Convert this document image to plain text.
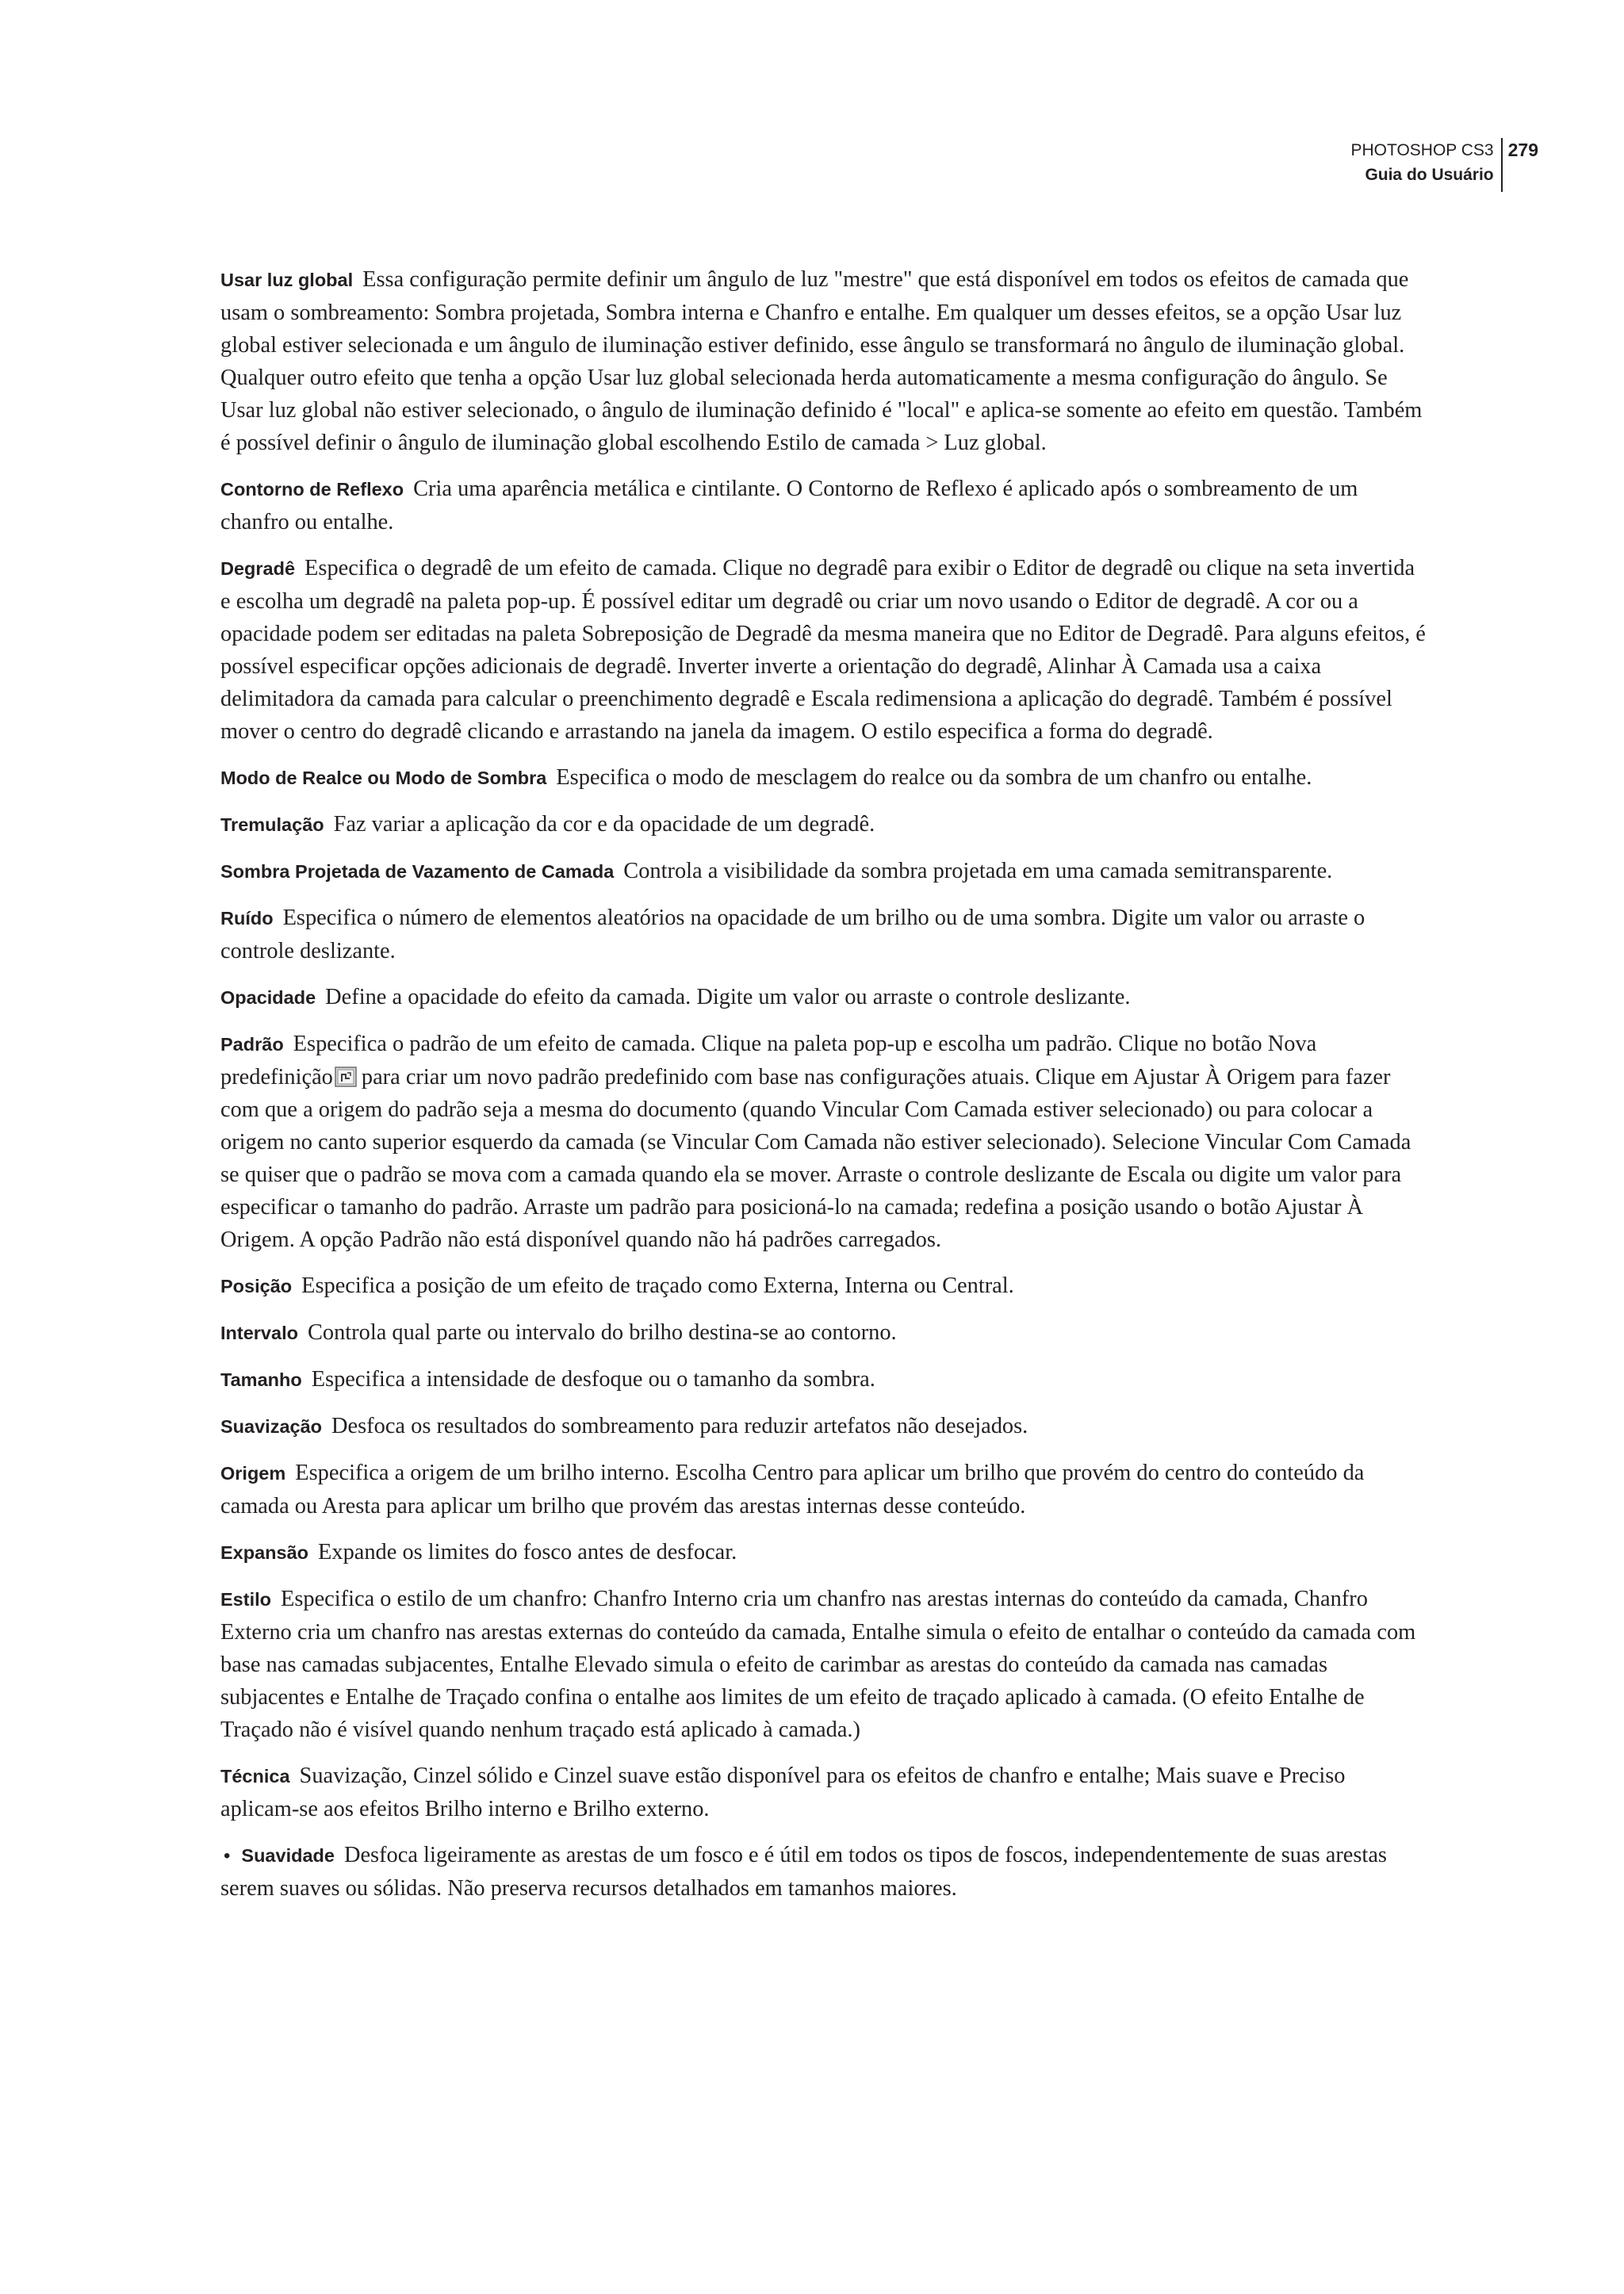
PHOTOSHOP CS3
Guia do Usuário
279

Usar luz global Essa configuração permite definir um ângulo de luz "mestre" que está disponível em todos os efeitos de camada que usam o sombreamento: Sombra projetada, Sombra interna e Chanfro e entalhe. Em qualquer um desses efeitos, se a opção Usar luz global estiver selecionada e um ângulo de iluminação estiver definido, esse ângulo se transformará no ângulo de iluminação global. Qualquer outro efeito que tenha a opção Usar luz global selecionada herda automaticamente a mesma configuração do ângulo. Se Usar luz global não estiver selecionado, o ângulo de iluminação definido é "local" e aplica-se somente ao efeito em questão. Também é possível definir o ângulo de iluminação global escolhendo Estilo de camada > Luz global.

Contorno de Reflexo Cria uma aparência metálica e cintilante. O Contorno de Reflexo é aplicado após o sombreamento de um chanfro ou entalhe.

Degradê Especifica o degradê de um efeito de camada. Clique no degradê para exibir o Editor de degradê ou clique na seta invertida e escolha um degradê na paleta pop-up. É possível editar um degradê ou criar um novo usando o Editor de degradê. A cor ou a opacidade podem ser editadas na paleta Sobreposição de Degradê da mesma maneira que no Editor de Degradê. Para alguns efeitos, é possível especificar opções adicionais de degradê. Inverter inverte a orientação do degradê, Alinhar À Camada usa a caixa delimitadora da camada para calcular o preenchimento degradê e Escala redimensiona a aplicação do degradê. Também é possível mover o centro do degradê clicando e arrastando na janela da imagem. O estilo especifica a forma do degradê.

Modo de Realce ou Modo de Sombra Especifica o modo de mesclagem do realce ou da sombra de um chanfro ou entalhe.

Tremulação Faz variar a aplicação da cor e da opacidade de um degradê.

Sombra Projetada de Vazamento de Camada Controla a visibilidade da sombra projetada em uma camada semitransparente.

Ruído Especifica o número de elementos aleatórios na opacidade de um brilho ou de uma sombra. Digite um valor ou arraste o controle deslizante.

Opacidade Define a opacidade do efeito da camada. Digite um valor ou arraste o controle deslizante.

Padrão Especifica o padrão de um efeito de camada. Clique na paleta pop-up e escolha um padrão. Clique no botão Nova predefinição para criar um novo padrão predefinido com base nas configurações atuais. Clique em Ajustar À Origem para fazer com que a origem do padrão seja a mesma do documento (quando Vincular Com Camada estiver selecionado) ou para colocar a origem no canto superior esquerdo da camada (se Vincular Com Camada não estiver selecionado). Selecione Vincular Com Camada se quiser que o padrão se mova com a camada quando ela se mover. Arraste o controle deslizante de Escala ou digite um valor para especificar o tamanho do padrão. Arraste um padrão para posicioná-lo na camada; redefina a posição usando o botão Ajustar À Origem. A opção Padrão não está disponível quando não há padrões carregados.

Posição Especifica a posição de um efeito de traçado como Externa, Interna ou Central.

Intervalo Controla qual parte ou intervalo do brilho destina-se ao contorno.

Tamanho Especifica a intensidade de desfoque ou o tamanho da sombra.

Suavização Desfoca os resultados do sombreamento para reduzir artefatos não desejados.

Origem Especifica a origem de um brilho interno. Escolha Centro para aplicar um brilho que provém do centro do conteúdo da camada ou Aresta para aplicar um brilho que provém das arestas internas desse conteúdo.

Expansão Expande os limites do fosco antes de desfocar.

Estilo Especifica o estilo de um chanfro: Chanfro Interno cria um chanfro nas arestas internas do conteúdo da camada, Chanfro Externo cria um chanfro nas arestas externas do conteúdo da camada, Entalhe simula o efeito de entalhar o conteúdo da camada com base nas camadas subjacentes, Entalhe Elevado simula o efeito de carimbar as arestas do conteúdo da camada nas camadas subjacentes e Entalhe de Traçado confina o entalhe aos limites de um efeito de traçado aplicado à camada. (O efeito Entalhe de Traçado não é visível quando nenhum traçado está aplicado à camada.)

Técnica Suavização, Cinzel sólido e Cinzel suave estão disponível para os efeitos de chanfro e entalhe; Mais suave e Preciso aplicam-se aos efeitos Brilho interno e Brilho externo.

• Suavidade Desfoca ligeiramente as arestas de um fosco e é útil em todos os tipos de foscos, independentemente de suas arestas serem suaves ou sólidas. Não preserva recursos detalhados em tamanhos maiores.
